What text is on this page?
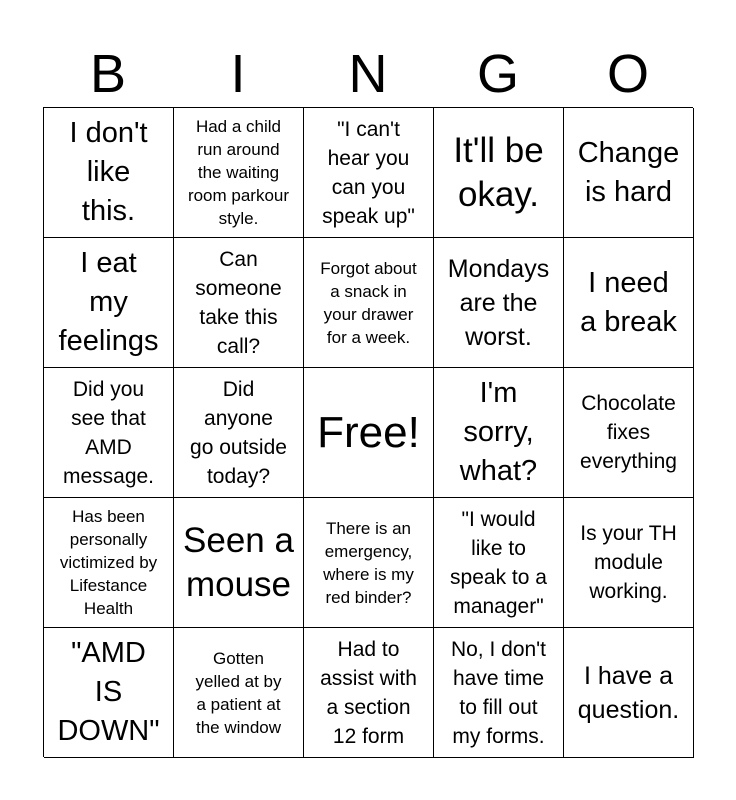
B	I	N	G	O
I don't
like
this.
Had a child
run around
the waiting
room parkour
style.
"I can't
hear you
can you
speak up"
It'll be
okay.
Change
is hard
I eat
my
feelings
Can
someone
take this
call?
Forgot about
a snack in
your drawer
for a week.
Mondays
are the
worst.
I need
a break
Did you
see that
AMD
message.
Did
anyone
go outside
today?
Free!
I'm
sorry,
what?
Chocolate
fixes
everything
Has been
personally
victimized by
Lifestance
Health
Seen a
mouse
There is an
emergency,
where is my
red binder?
"I would
like to
speak to a
manager"
Is your TH
module
working.
"AMD
IS
DOWN"
Gotten
yelled at by
a patient at
the window
Had to
assist with
a section
12 form
No, I don't
have time
to fill out
my forms.
I have a
question.
